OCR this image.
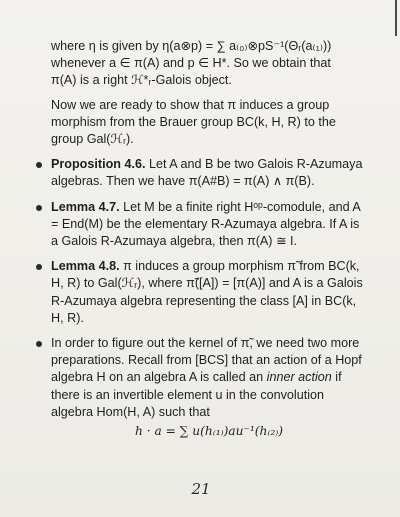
where η is given by η(a⊗p) = ∑ a₍₀₎⊗pS⁻¹(Θᵣ(a₍₁₎))
whenever a ∈ π(A) and p ∈ H*. So we obtain that
π(A) is a right ℋ*ᵣ-Galois object.

Now we are ready to show that π induces a group morphism from the Brauer group BC(k, H, R) to the group Gal(ℋᵣ).

Proposition 4.6. Let A and B be two Galois R-Azumaya algebras. Then we have π(A#B) = π(A) ∧ π(B).
Lemma 4.7. Let M be a finite right Hᵒᵖ-comodule, and A = End(M) be the elementary R-Azumaya algebra. If A is a Galois R-Azumaya algebra, then π(A) ≅ I.
Lemma 4.8. π induces a group morphism π̃ from BC(k, H, R) to Gal(ℋᵣ), where π̃([A]) = [π(A)] and A is a Galois R-Azumaya algebra representing the class [A] in BC(k, H, R).
In order to figure out the kernel of π̃, we need two more preparations. Recall from [BCS] that an action of a Hopf algebra H on an algebra A is called an inner action if there is an invertible element u in the convolution algebra Hom(H, A) such that
h · a = ∑ u(h₍₁₎)au⁻¹(h₍₂₎)
21
